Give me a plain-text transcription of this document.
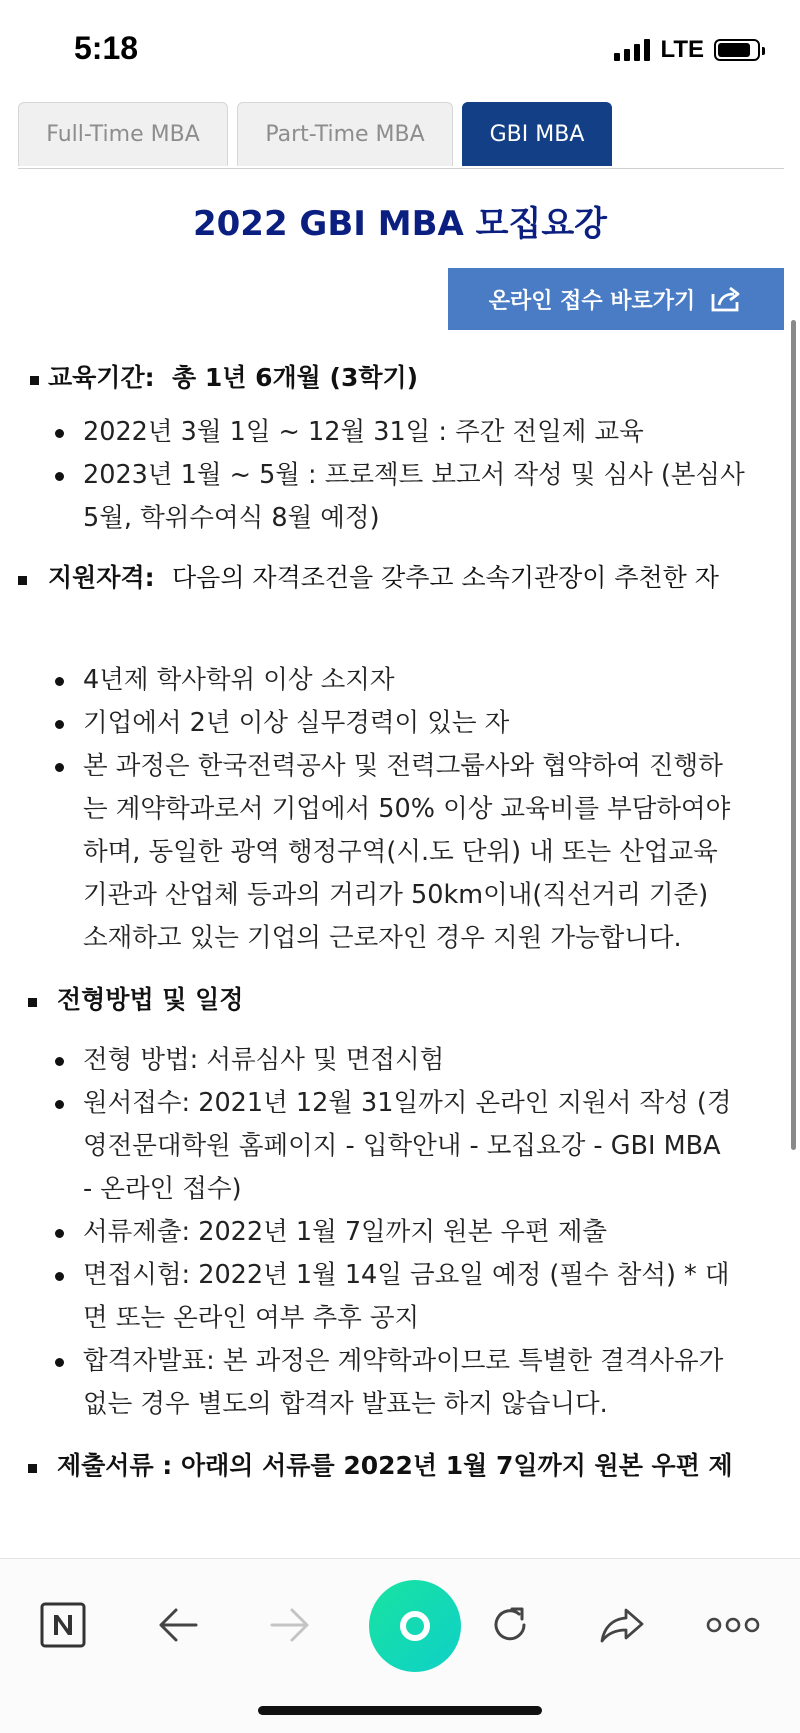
5:18	LTE
Full-Time MBA	Part-Time MBA	GBI MBA
2022 GBI MBA 모집요강
온라인 접수 바로가기
교육기간: 총 1년 6개월 (3학기)
2022년 3월 1일 ~ 12월 31일 : 주간 전일제 교육
2023년 1월 ~ 5월 : 프로젝트 보고서 작성 및 심사 (본심사
5월, 학위수여식 8월 예정)
지원자격: 다음의 자격조건을 갖추고 소속기관장이 추천한 자
4년제 학사학위 이상 소지자
기업에서 2년 이상 실무경력이 있는 자
본 과정은 한국전력공사 및 전력그룹사와 협약하여 진행하
는 계약학과로서 기업에서 50% 이상 교육비를 부담하여야
하며, 동일한 광역 행정구역(시.도 단위) 내 또는 산업교육
기관과 산업체 등과의 거리가 50km이내(직선거리 기준)
소재하고 있는 기업의 근로자인 경우 지원 가능합니다.
전형방법 및 일정
전형 방법: 서류심사 및 면접시험
원서접수: 2021년 12월 31일까지 온라인 지원서 작성 (경
영전문대학원 홈페이지 - 입학안내 - 모집요강 - GBI MBA
- 온라인 접수)
서류제출: 2022년 1월 7일까지 원본 우편 제출
면접시험: 2022년 1월 14일 금요일 예정 (필수 참석) * 대
면 또는 온라인 여부 추후 공지
합격자발표: 본 과정은 계약학과이므로 특별한 결격사유가
없는 경우 별도의 합격자 발표는 하지 않습니다.
제출서류 : 아래의 서류를 2022년 1월 7일까지 원본 우편 제
